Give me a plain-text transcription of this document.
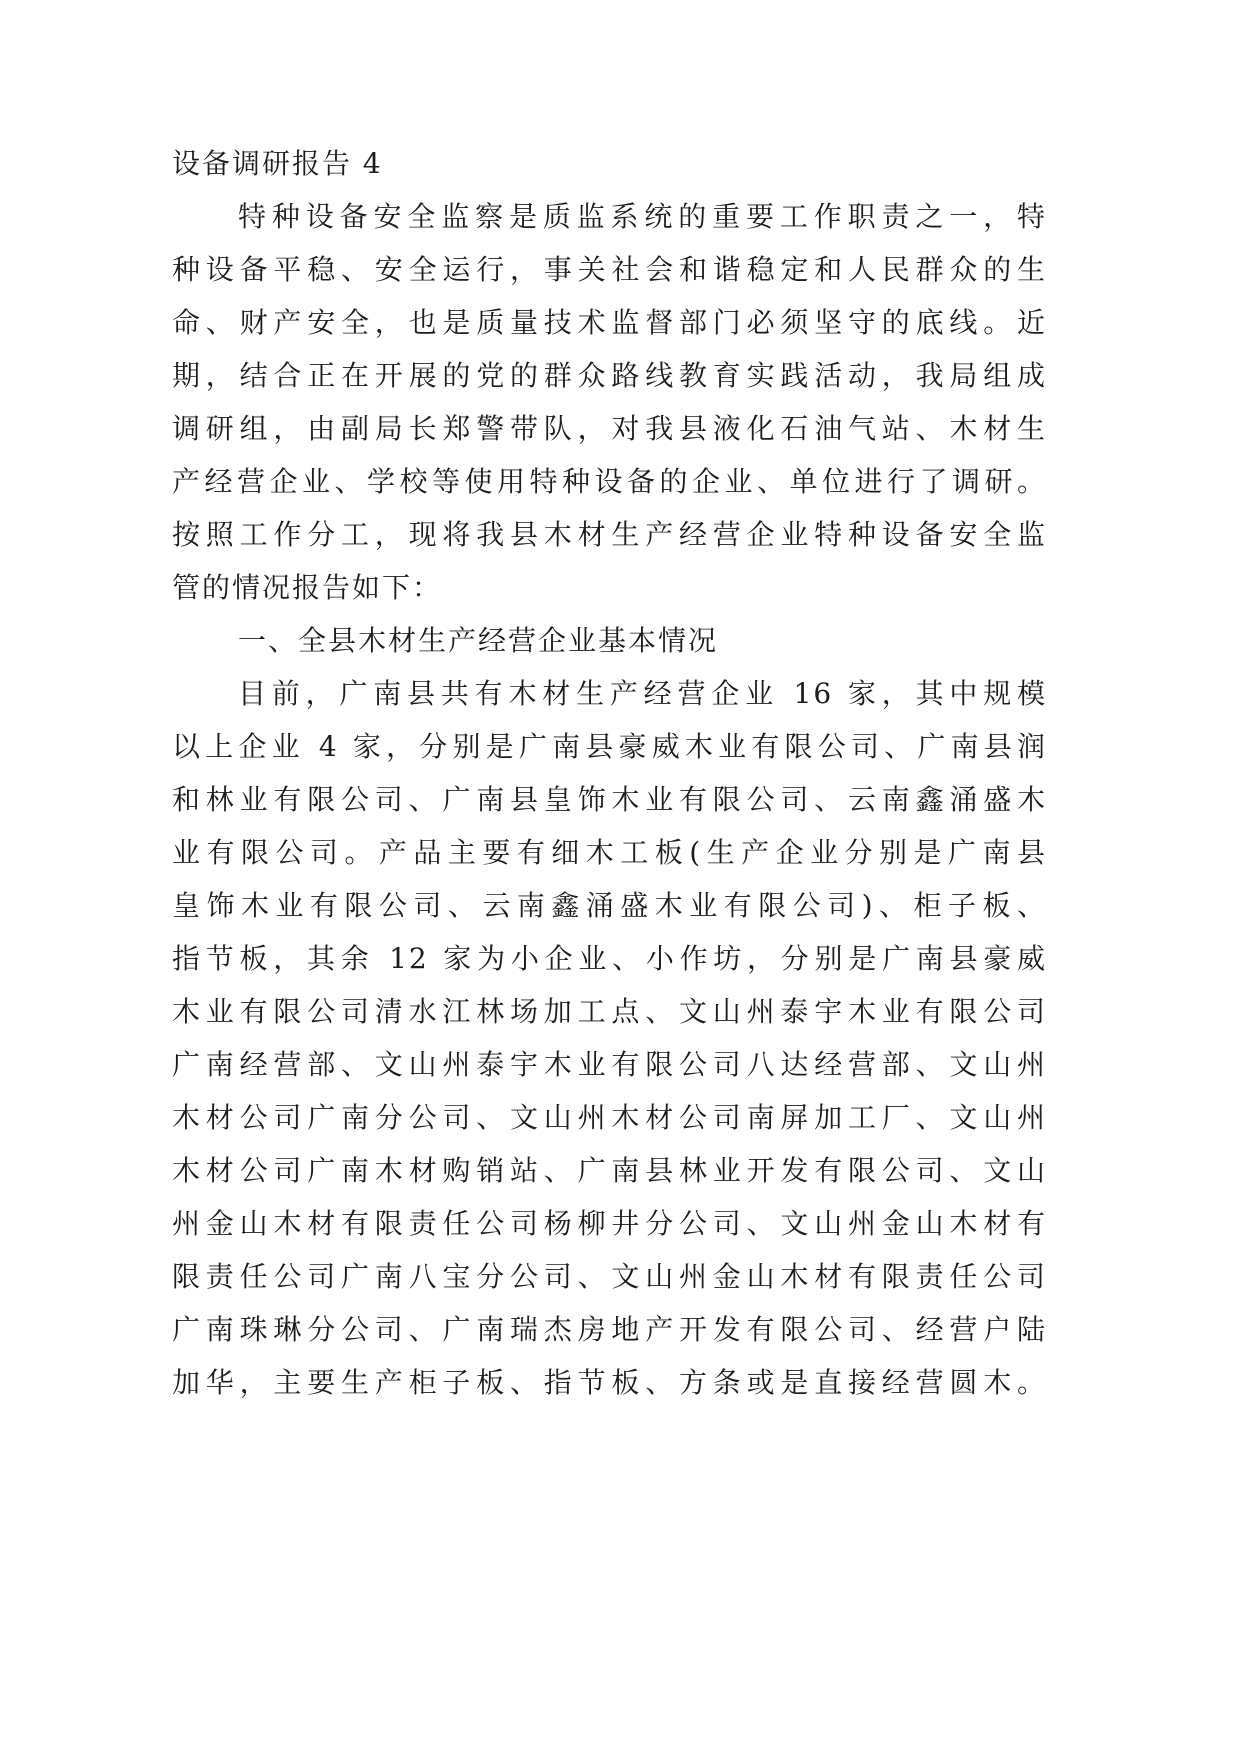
设备调研报告 4
特种设备安全监察是质监系统的重要工作职责之一，特
种设备平稳、安全运行，事关社会和谐稳定和人民群众的生
命、财产安全，也是质量技术监督部门必须坚守的底线。近
期，结合正在开展的党的群众路线教育实践活动，我局组成
调研组，由副局长郑警带队，对我县液化石油气站、木材生
产经营企业、学校等使用特种设备的企业、单位进行了调研。
按照工作分工，现将我县木材生产经营企业特种设备安全监
管的情况报告如下：
一、全县木材生产经营企业基本情况
目前，广南县共有木材生产经营企业 16 家，其中规模
以上企业 4 家，分别是广南县豪威木业有限公司、广南县润
和林业有限公司、广南县皇饰木业有限公司、云南鑫涌盛木
业有限公司。产品主要有细木工板(生产企业分别是广南县
皇饰木业有限公司、云南鑫涌盛木业有限公司)、柜子板、
指节板，其余 12 家为小企业、小作坊，分别是广南县豪威
木业有限公司清水江林场加工点、文山州泰宇木业有限公司
广南经营部、文山州泰宇木业有限公司八达经营部、文山州
木材公司广南分公司、文山州木材公司南屏加工厂、文山州
木材公司广南木材购销站、广南县林业开发有限公司、文山
州金山木材有限责任公司杨柳井分公司、文山州金山木材有
限责任公司广南八宝分公司、文山州金山木材有限责任公司
广南珠琳分公司、广南瑞杰房地产开发有限公司、经营户陆
加华，主要生产柜子板、指节板、方条或是直接经营圆木。
